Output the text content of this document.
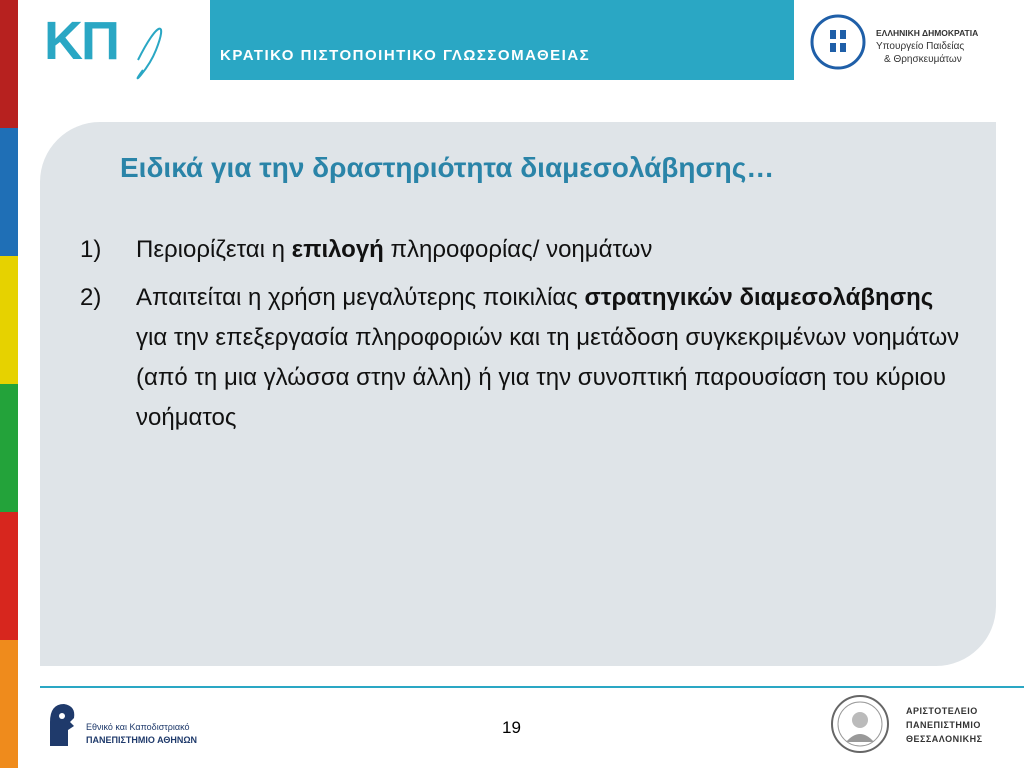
ΚΠ	ΚΡΑΤΙΚΟ ΠΙΣΤΟΠΟΙΗΤΙΚΟ ΓΛΩΣΣΟΜΑΘΕΙΑΣ
ΕΛΛΗΝΙΚΗ ΔΗΜΟΚΡΑΤΙΑ
Υπουργείο Παιδείας
& Θρησκευμάτων
Ειδικά για την δραστηριότητα διαμεσολάβησης…
1) Περιορίζεται η επιλογή πληροφορίας/ νοημάτων
2) Απαιτείται η χρήση μεγαλύτερης ποικιλίας στρατηγικών διαμεσολάβησης για την επεξεργασία πληροφοριών και τη μετάδοση συγκεκριμένων νοημάτων (από τη μια γλώσσα στην άλλη) ή για την συνοπτική παρουσίαση του κύριου νοήματος
Εθνικό και Καποδιστριακό
ΠΑΝΕΠΙΣΤΗΜΙΟ ΑΘΗΝΩΝ
19
ΑΡΙΣΤΟΤΕΛΕΙΟ
ΠΑΝΕΠΙΣΤΗΜΙΟ
ΘΕΣΣΑΛΟΝΙΚΗΣ
